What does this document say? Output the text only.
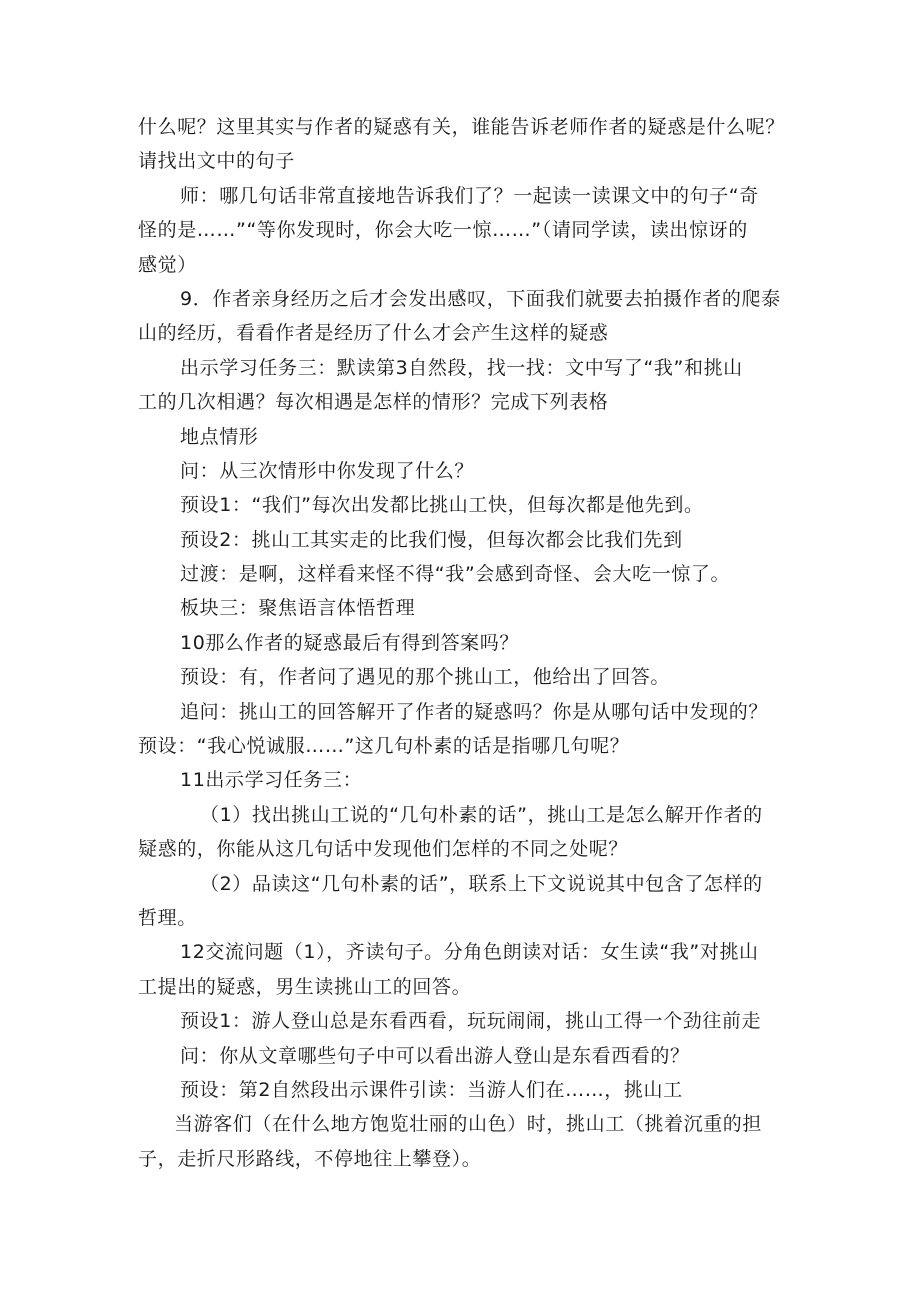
什么呢？这里其实与作者的疑惑有关，谁能告诉老师作者的疑惑是什么呢？
请找出文中的句子
师：哪几句话非常直接地告诉我们了？一起读一读课文中的句子“奇
怪的是……”“等你发现时，你会大吃一惊……”（请同学读，读出惊讶的
感觉）
9．作者亲身经历之后才会发出感叹，下面我们就要去拍摄作者的爬泰
山的经历，看看作者是经历了什么才会产生这样的疑惑
出示学习任务三：默读第3自然段，找一找：文中写了“我”和挑山
工的几次相遇？每次相遇是怎样的情形？完成下列表格
地点情形
问：从三次情形中你发现了什么？
预设1：“我们”每次出发都比挑山工快，但每次都是他先到。
预设2：挑山工其实走的比我们慢，但每次都会比我们先到
过渡：是啊，这样看来怪不得“我”会感到奇怪、会大吃一惊了。
板块三：聚焦语言体悟哲理
10那么作者的疑惑最后有得到答案吗？
预设：有，作者问了遇见的那个挑山工，他给出了回答。
追问：挑山工的回答解开了作者的疑惑吗？你是从哪句话中发现的？
预设：“我心悦诚服……”这几句朴素的话是指哪几句呢？
11出示学习任务三：
（1）找出挑山工说的“几句朴素的话”，挑山工是怎么解开作者的
疑惑的，你能从这几句话中发现他们怎样的不同之处呢？
（2）品读这“几句朴素的话”，联系上下文说说其中包含了怎样的
哲理。
12交流问题（1），齐读句子。分角色朗读对话：女生读“我”对挑山
工提出的疑惑，男生读挑山工的回答。
预设1：游人登山总是东看西看，玩玩闹闹，挑山工得一个劲往前走
问：你从文章哪些句子中可以看出游人登山是东看西看的？
预设：第2自然段出示课件引读：当游人们在……，挑山工
当游客们（在什么地方饱览壮丽的山色）时，挑山工（挑着沉重的担
子，走折尺形路线，不停地往上攀登）。
